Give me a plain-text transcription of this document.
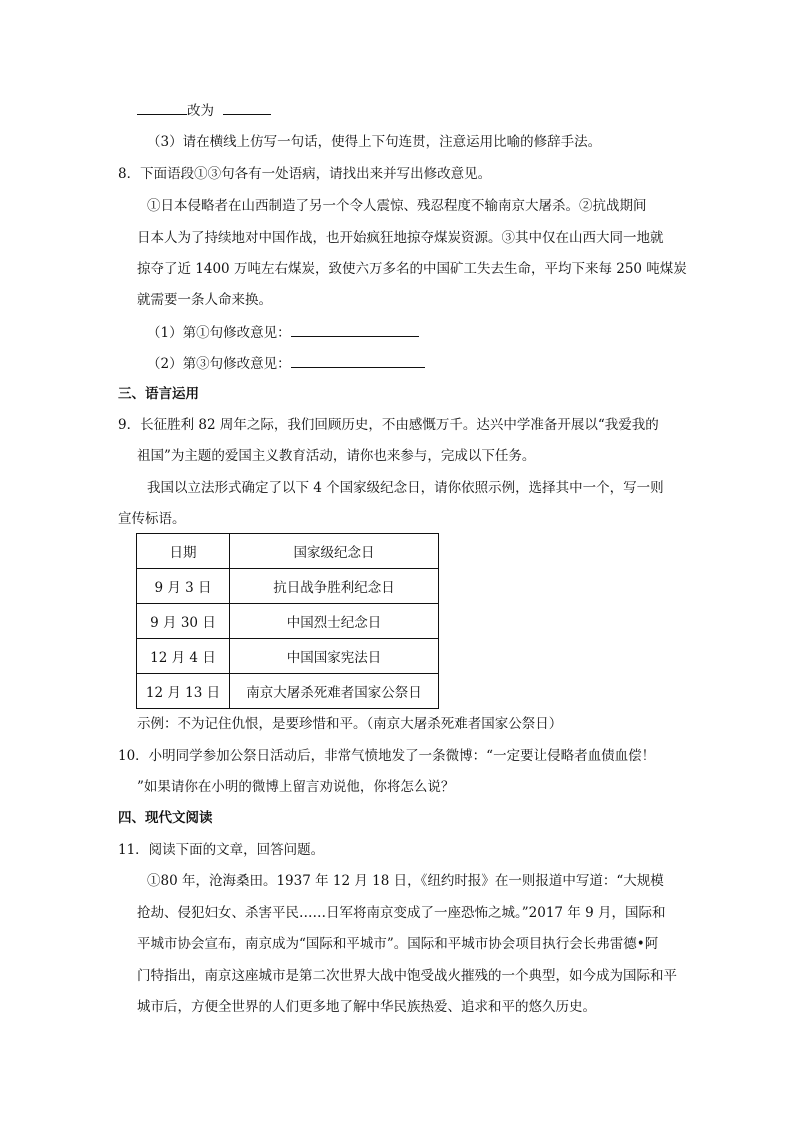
改为
（3）请在横线上仿写一句话，使得上下句连贯，注意运用比喻的修辞手法。
8．下面语段①③句各有一处语病，请找出来并写出修改意见。
①日本侵略者在山西制造了另一个令人震惊、残忍程度不输南京大屠杀。②抗战期间
日本人为了持续地对中国作战，也开始疯狂地掠夺煤炭资源。③其中仅在山西大同一地就
掠夺了近 1400 万吨左右煤炭，致使六万多名的中国矿工失去生命，平均下来每 250 吨煤炭
就需要一条人命来换。
（1）第①句修改意见：
（2）第③句修改意见：
三、语言运用
9．长征胜利 82 周年之际，我们回顾历史，不由感慨万千。达兴中学准备开展以“我爱我的
祖国”为主题的爱国主义教育活动，请你也来参与，完成以下任务。
我国以立法形式确定了以下 4 个国家级纪念日，请你依照示例，选择其中一个，写一则
宣传标语。
日期	国家级纪念日
9 月 3 日	抗日战争胜利纪念日
9 月 30 日	中国烈士纪念日
12 月 4 日	中国国家宪法日
12 月 13 日	南京大屠杀死难者国家公祭日
示例：不为记住仇恨，是要珍惜和平。（南京大屠杀死难者国家公祭日）
10．小明同学参加公祭日活动后，非常气愤地发了一条微博：“一定要让侵略者血债血偿！
”如果请你在小明的微博上留言劝说他，你将怎么说？
四、现代文阅读
11．阅读下面的文章，回答问题。
①80 年，沧海桑田。1937 年 12 月 18 日，《纽约时报》在一则报道中写道：“大规模
抢劫、侵犯妇女、杀害平民……日军将南京变成了一座恐怖之城。”2017 年 9 月，国际和
平城市协会宣布，南京成为“国际和平城市”。国际和平城市协会项目执行会长弗雷德•阿
门特指出，南京这座城市是第二次世界大战中饱受战火摧残的一个典型，如今成为国际和平
城市后，方便全世界的人们更多地了解中华民族热爱、追求和平的悠久历史。
